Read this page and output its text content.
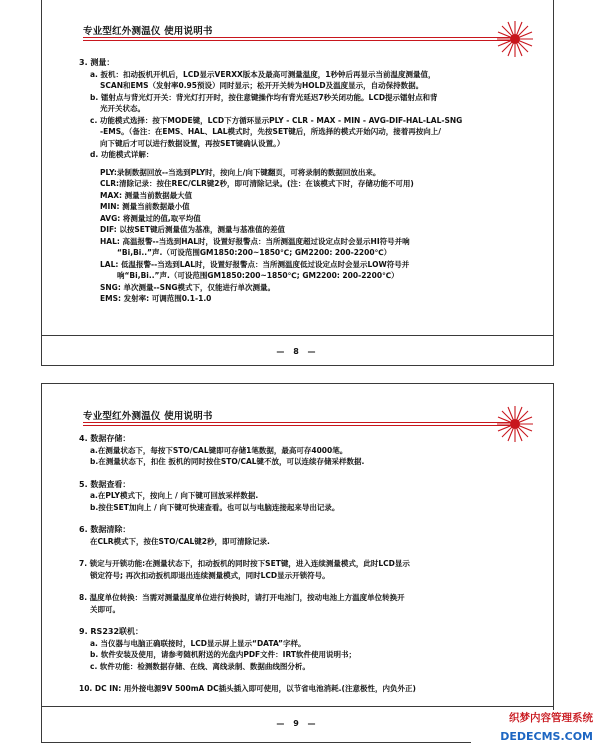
专业型红外测温仪 使用说明书
3. 测量：
a. 扳机：扣动扳机开机后，LCD显示VERXX版本及最高可测量温度，1秒钟后再显示当前温度测量值，
SCAN和EMS（发射率0.95预设）同时显示；松开开关转为HOLD及温度显示，自动保持数据。
b. 镭射点与背光灯开关：背光灯打开时，按住意键操作均有背光延迟7秒关闭功能。LCD提示镭射点和背
光开关状态。
c. 功能模式选择：按下MODE键，LCD下方循环显示PLY - CLR - MAX - MIN - AVG-DIF-HAL-LAL-SNG
-EMS。（备注：在EMS、HAL、LAL模式时，先按SET键后，所选择的模式开始闪动，接着再按向上/
向下键后才可以进行数据设置，再按SET键确认设置。）
d. 功能模式详解：
PLY:录制数据回放--当选到PLY时，按向上/向下键翻页，可将录制的数据回放出来。
CLR:清除记录：按住REC/CLR键2秒，即可清除记录。(注：在该模式下时，存储功能不可用)
MAX: 测量当前数据最大值
MIN: 测量当前数据最小值
AVG: 将测量过的值,取平均值
DIF: 以按SET键后测量值为基准，测量与基准值的差值
HAL: 高温报警--当选到HAL时，设置好报警点：当所测温度超过设定点时会显示HI符号并响
“Bi,Bi..”声.（可设范围GM1850:200~1850℃; GM2200: 200-2200℃）
LAL: 低温报警--当选到LAL时，设置好报警点：当所测温度低过设定点时会显示LOW符号并
响“Bi,Bi..”声.（可设范围GM1850:200~1850℃; GM2200: 200-2200℃）
SNG: 单次测量--SNG模式下，仅能进行单次测量。
EMS: 发射率: 可调范围0.1-1.0
— 8 —
专业型红外测温仪 使用说明书
4. 数据存储：
a.在测量状态下，每按下STO/CAL键即可存储1笔数据，最高可存4000笔。
b.在测量状态下，扣住 扳机的同时按住STO/CAL键不放，可以连续存储采样数据.
5. 数据查看：
a.在PLY模式下，按向上 / 向下键可回放采样数据.
b.按住SET加向上 / 向下键可快速查看。也可以与电脑连接起来导出记录。
6. 数据清除：
在CLR模式下，按住STO/CAL键2秒，即可清除记录.
7. 锁定与开锁功能:在测量状态下，扣动扳机的同时按下SET键，进入连续测量模式，此时LCD显示
锁定符号; 再次扣动扳机即退出连续测量模式，同时LCD显示开锁符号。
8. 温度单位转换：当需对测量温度单位进行转换时，请打开电池门，按动电池上方温度单位转换开
关即可。
9. RS232联机：
a. 当仪器与电脑正确联接时，LCD显示屏上显示“DATA”字样。
b. 软件安装及使用，请参考随机附送的光盘内PDF文件：IRT软件使用说明书；
c. 软件功能：检测数据存储、在线、离线录制、数据曲线图分析。
10. DC IN: 用外接电源9V 500mA DC插头插入即可使用，以节省电池消耗.(注意极性，内负外正)
— 9 —	织梦内容管理系统
DEDECMS.COM
